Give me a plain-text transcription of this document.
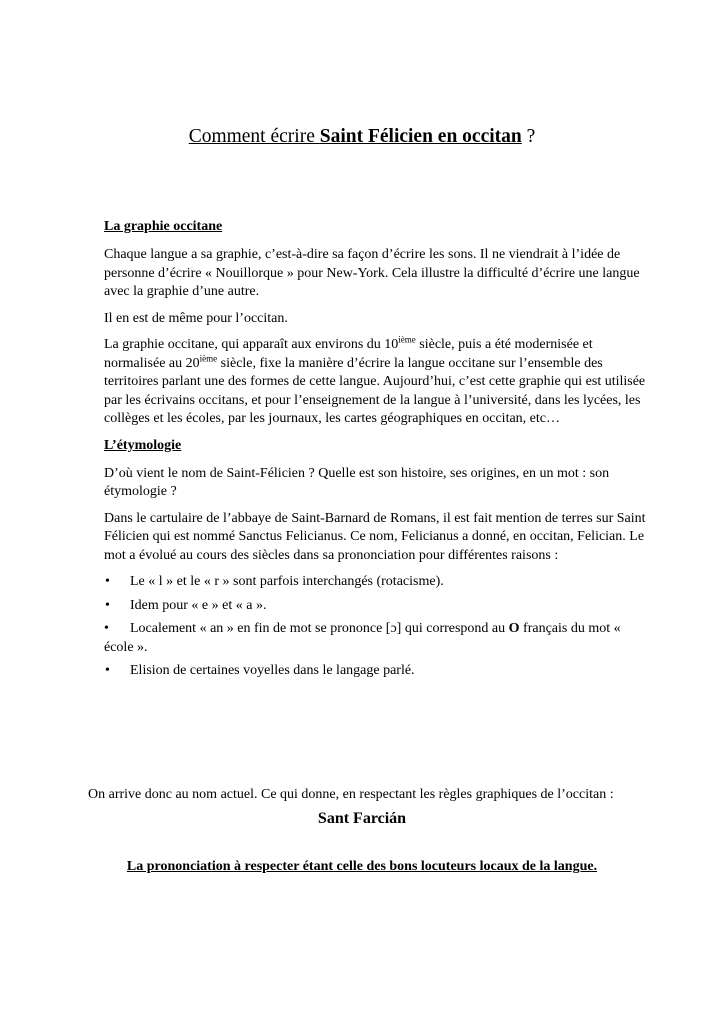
Comment écrire Saint Félicien en occitan ?
La graphie occitane

Chaque langue a sa graphie, c’est-à-dire sa façon d’écrire les sons. Il ne viendrait à l’idée de personne d’écrire « Nouillorque » pour New-York. Cela illustre la difficulté d’écrire une langue avec la graphie d’une autre.

Il en est de même pour l’occitan.

La graphie occitane, qui apparaît aux environs du 10ième siècle, puis a été modernisée et normalisée au 20ième siècle, fixe la manière d’écrire la langue occitane sur l’ensemble des territoires parlant une des formes de cette langue. Aujourd’hui, c’est cette graphie qui est utilisée par les écrivains occitans, et pour l’enseignement de la langue à l’université, dans les lycées, les collèges et les écoles, par les journaux, les cartes géographiques en occitan, etc…

L’étymologie

D’où vient le nom de Saint-Félicien ? Quelle est son histoire, ses origines, en un mot : son étymologie ?

Dans le cartulaire de l’abbaye de Saint-Barnard de Romans, il est fait mention de terres sur Saint Félicien qui est nommé Sanctus Felicianus. Ce nom, Felicianus a donné, en occitan, Felician. Le mot a évolué au cours des siècles dans sa prononciation pour différentes raisons :

• Le « l » et le « r » sont parfois interchangés (rotacisme).
• Idem pour « e » et « a ».
• Localement « an » en fin de mot se prononce [ɔ] qui correspond au O français du mot « école ».
• Elision de certaines voyelles dans le langage parlé.

On arrive donc au nom actuel. Ce qui donne, en respectant les règles graphiques de l’occitan :

Sant Farcián

La prononciation à respecter étant celle des bons locuteurs locaux de la langue.
